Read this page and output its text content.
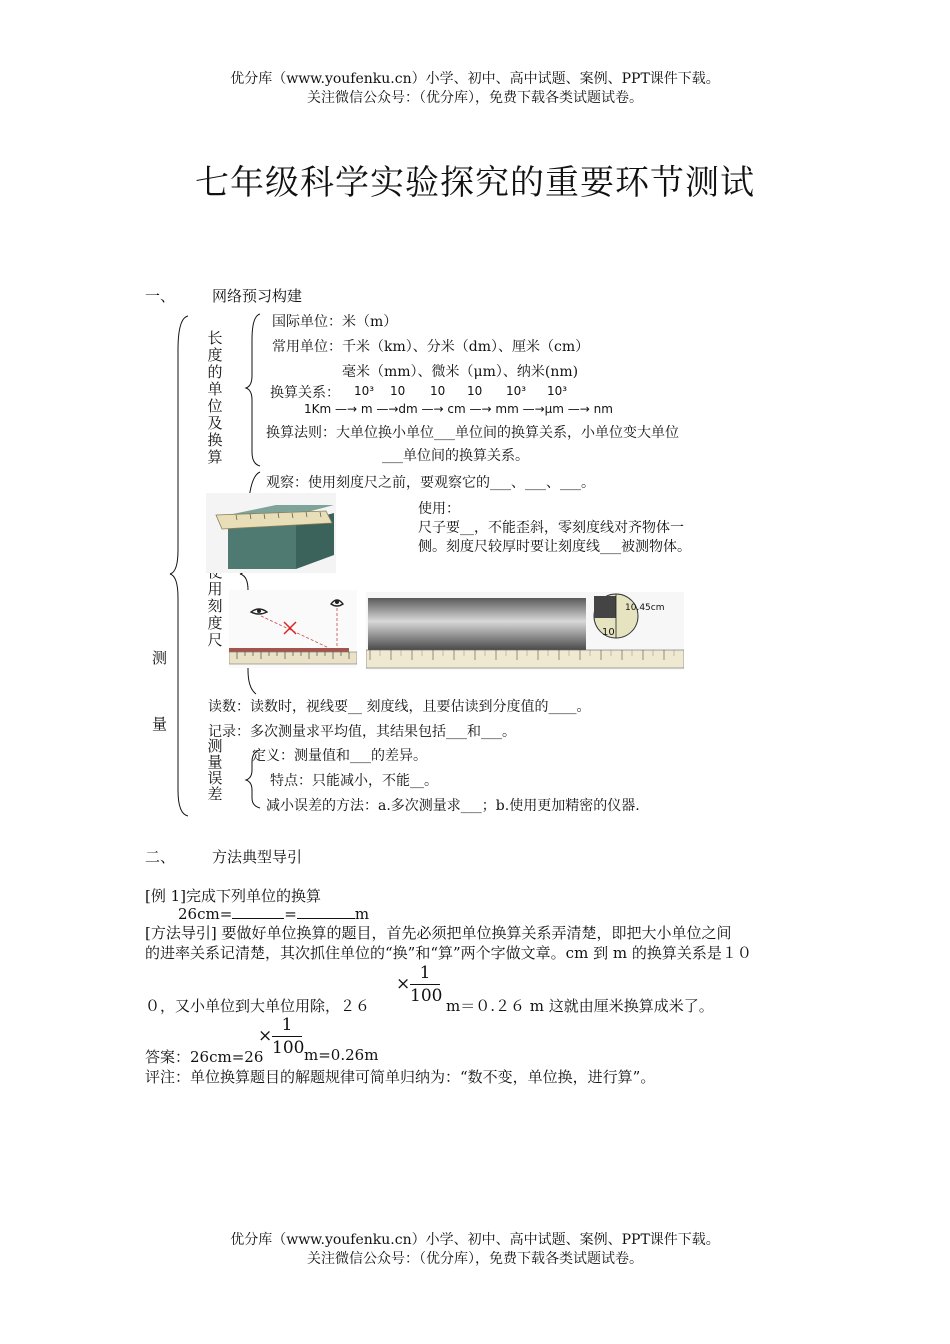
优分库（www.youfenku.cn）小学、初中、高中试题、案例、PPT课件下载。
关注微信公众号：（优分库），免费下载各类试题试卷。
七年级科学实验探究的重要环节测试
一、 网络预习构建
测
量
长度的单位及换算
国际单位：米（m）
常用单位：千米（km）、分米（dm）、厘米（cm）
毫米（mm）、微米（μm）、纳米(nm)
换算关系： 10³ 10 10 10 10³ 10³
1Km —→ m —→dm —→ cm —→ mm —→μm —→ nm
换算法则：大单位换小单位___单位间的换算关系，小单位变大单位
___单位间的换算关系。
观察：使用刻度尺之前，要观察它的___、___、___。
用刻度尺
使用：
尺子要__，不能歪斜，零刻度线对齐物体一
侧。刻度尺较厚时要让刻度线___被测物体。
10.45cm
10
读数：读数时，视线要__ 刻度线，且要估读到分度值的____。
记录：多次测量求平均值，其结果包括___和___。
测量误差
定义：测量值和___的差异。
特点：只能减小，不能__。
减小误差的方法：a.多次测量求___；b.使用更加精密的仪器.
二、 方法典型导引
[例 1]完成下列单位的换算
26cm=	=	m
[方法导引] 要做好单位换算的题目，首先必须把单位换算关系弄清楚，即把大小单位之间
的进率关系记清楚，其次抓住单位的“换”和“算”两个字做文章。cm 到 m 的换算关系是１０
×
1
100
０，又小单位到大单位用除，２６	m＝０.２６ m 这就由厘米换算成米了。
×
1
100
答案：26cm=26	m=0.26m
评注：单位换算题目的解题规律可简单归纳为：“数不变，单位换，进行算”。
优分库（www.youfenku.cn）小学、初中、高中试题、案例、PPT课件下载。
关注微信公众号：（优分库），免费下载各类试题试卷。
